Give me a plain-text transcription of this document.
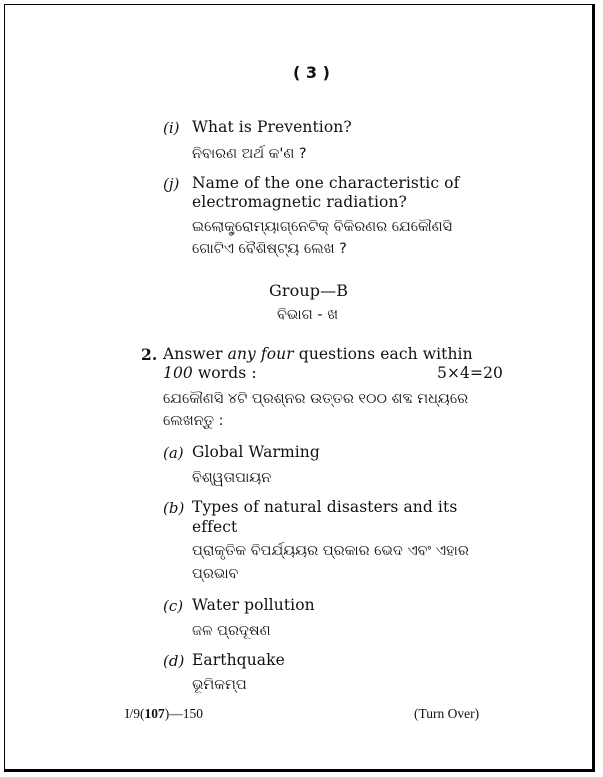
( 3 )
(i) What is Prevention?
ନିବାରଣ ଅର୍ଥ କ'ଣ ?
(j) Name of the one characteristic of
electromagnetic radiation?
ଇଲୋକ୍ଟ୍ରୋମ୍ୟାଗ୍ନେଟିକ୍ ବିକିରଣର ଯେକୌଣସି
ଗୋଟିଏ ବୈଶିଷ୍ଟ୍ୟ ଲେଖ ?
Group—B
ବିଭାଗ - ଖ
2. Answer any four questions each within
100 words :	5×4=20
ଯେକୌଣସି ୪ଟି ପ୍ରଶ୍ନର ଉତ୍ତର ୧୦୦ ଶବ୍ଦ ମଧ୍ୟରେ
ଲେଖନ୍ତୁ :
(a) Global Warming
ବିଶ୍ୱତାପାୟନ
(b) Types of natural disasters and its
effect
ପ୍ରାକୃତିକ ବିପର୍ଯ୍ୟୟର ପ୍ରକାର ଭେଦ ଏବଂ ଏହାର
ପ୍ରଭାବ
(c) Water pollution
ଜଳ ପ୍ରଦୂଷଣ
(d) Earthquake
ଭୂମିକମ୍ପ
I/9(107)—150	(Turn Over)
